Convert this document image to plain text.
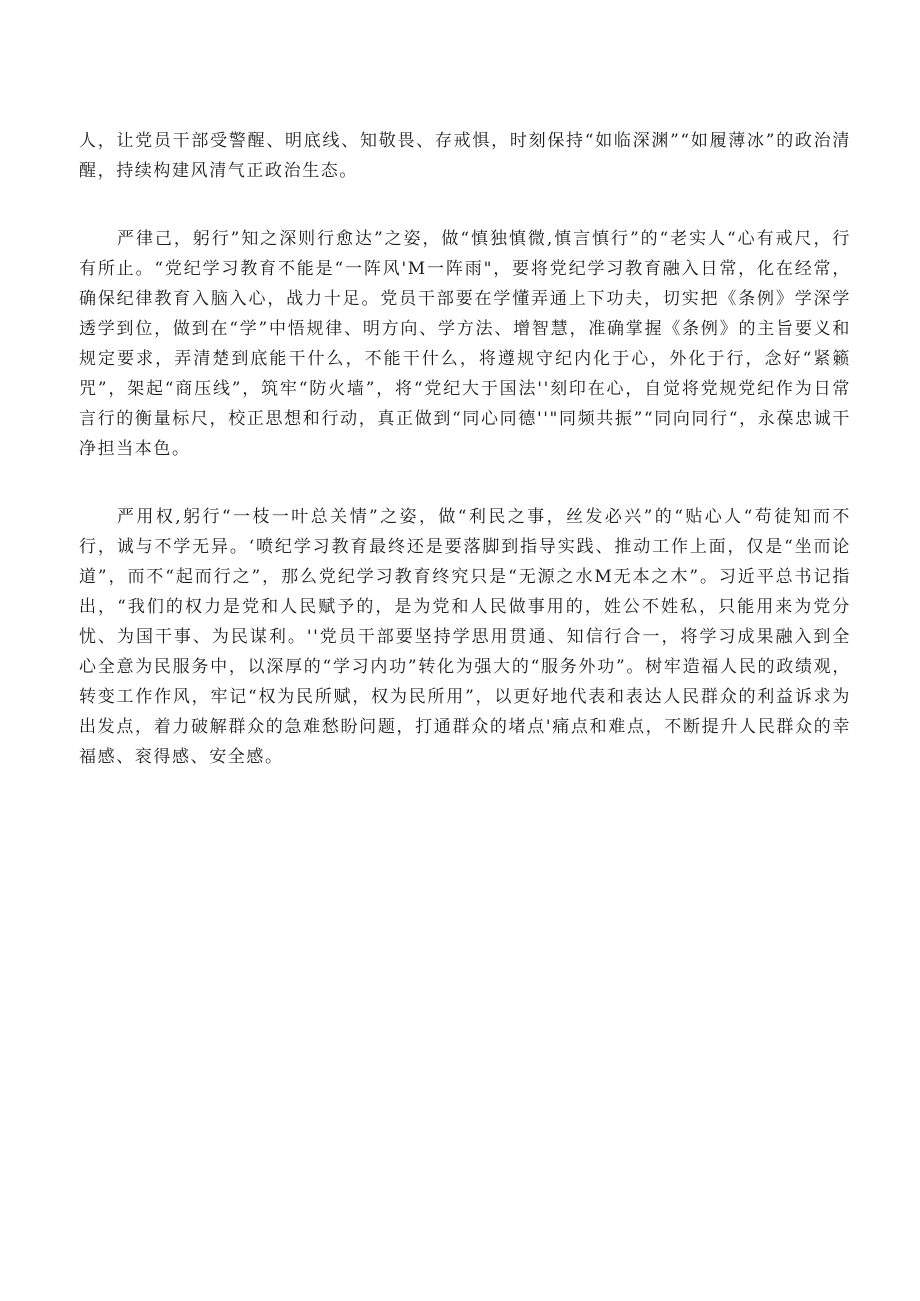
人，让党员干部受警醒、明底线、知敬畏、存戒惧，时刻保持“如临深渊”“如履薄冰”的政治清醒，持续构建风清气正政治生态。

严律己，躬行”知之深则行愈达”之姿，做“慎独慎微,慎言慎行”的“老实人“心有戒尺，行有所止。“党纪学习教育不能是“一阵风'M一阵雨"，要将党纪学习教育融入日常，化在经常，确保纪律教育入脑入心，战力十足。党员干部要在学懂弄通上下功夫，切实把《条例》学深学透学到位，做到在“学”中悟规律、明方向、学方法、增智慧，准确掌握《条例》的主旨要义和规定要求，弄清楚到底能干什么，不能干什么，将遵规守纪内化于心，外化于行，念好“紧籁咒”，架起“商压线”，筑牢“防火墙”，将“党纪大于国法''刻印在心，自觉将党规党纪作为日常言行的衡量标尺，校正思想和行动，真正做到“同心同德''"同频共振”“同向同行“，永葆忠诚干净担当本色。

严用权,躬行“一枝一叶总关情”之姿，做“利民之事，丝发必兴”的“贴心人“苟徒知而不行，诚与不学无异。‘喷纪学习教育最终还是要落脚到指导实践、推动工作上面，仅是“坐而论道”，而不“起而行之”，那么党纪学习教育终究只是“无源之水M无本之木”。习近平总书记指出，“我们的权力是党和人民赋予的，是为党和人民做事用的，姓公不姓私，只能用来为党分忧、为国干事、为民谋利。''党员干部要坚持学思用贯通、知信行合一，将学习成果融入到全心全意为民服务中，以深厚的“学习内功”转化为强大的“服务外功”。树牢造福人民的政绩观，转变工作作风，牢记“权为民所赋，权为民所用”，以更好地代表和表达人民群众的利益诉求为出发点，着力破解群众的急难愁盼问题，打通群众的堵点'痛点和难点，不断提升人民群众的幸福感、衮得感、安全感。
